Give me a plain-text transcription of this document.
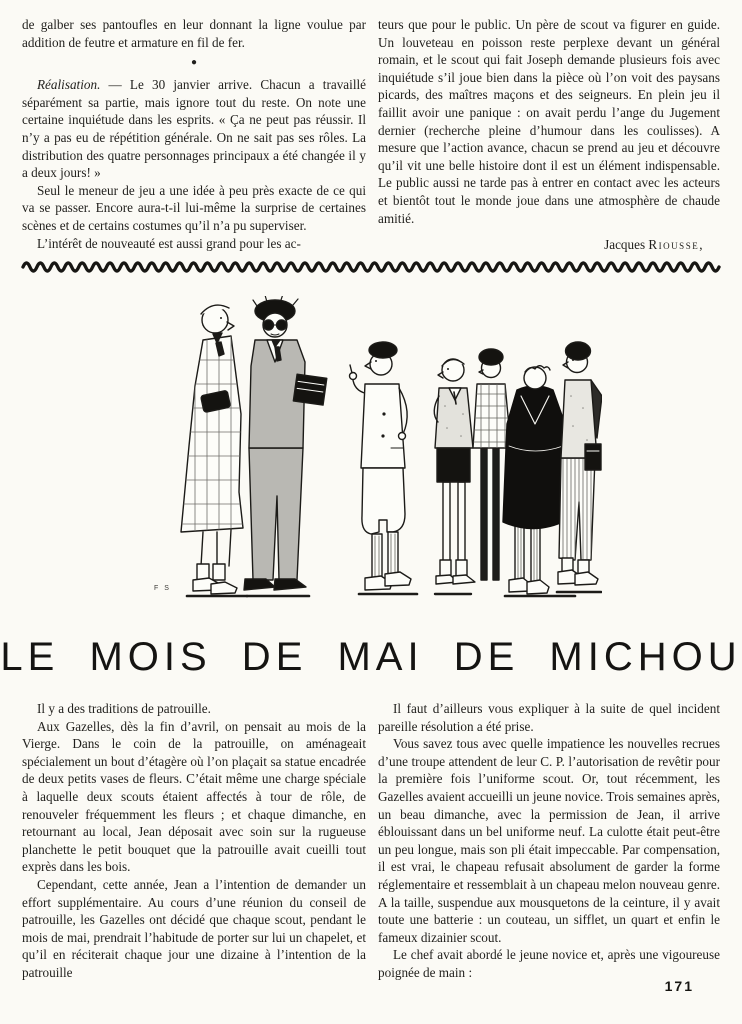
de galber ses pantoufles en leur donnant la ligne voulue par addition de feutre et armature en fil de fer.

●

Réalisation. — Le 30 janvier arrive. Chacun a travaillé séparément sa partie, mais ignore tout du reste. On note une certaine inquiétude dans les esprits. « Ça ne peut pas réussir. Il n’y a pas eu de répétition générale. On ne sait pas ses rôles. La distribution des quatre personnages principaux a été changée il y a deux jours! »

Seul le meneur de jeu a une idée à peu près exacte de ce qui va se passer. Encore aura-t-il lui-même la surprise de certaines scènes et de certains costumes qu’il n’a pu superviser.

L’intérêt de nouveauté est aussi grand pour les ac-

teurs que pour le public. Un père de scout va figurer en guide. Un louveteau en poisson reste perplexe devant un général romain, et le scout qui fait Joseph demande plusieurs fois avec inquiétude s’il joue bien dans la pièce où l’on voit des paysans picards, des maîtres maçons et des seigneurs. En plein jeu il faillit avoir une panique : on avait perdu l’ange du Jugement dernier (recherche pleine d’humour dans les coulisses). A mesure que l’action avance, chacun se prend au jeu et découvre qu’il vit une belle histoire dont il est un élément indispensable. Le public aussi ne tarde pas à entrer en contact avec les acteurs et bientôt tout le monde joue dans une atmosphère de chaude amitié.

Jacques Riousse,

F S
LE MOIS DE MAI DE MICHOU

Il y a des traditions de patrouille.

Aux Gazelles, dès la fin d’avril, on pensait au mois de la Vierge. Dans le coin de la patrouille, on aménageait spécialement un bout d’étagère où l’on plaçait sa statue encadrée de deux petits vases de fleurs. C’était même une charge spéciale à laquelle deux scouts étaient affectés à tour de rôle, de renouveler fréquemment les fleurs ; et chaque dimanche, en retournant au local, Jean déposait avec soin sur la rugueuse planchette le petit bouquet que la patrouille avait cueilli tout exprès dans les bois.

Cependant, cette année, Jean a l’intention de demander un effort supplémentaire. Au cours d’une réunion du conseil de patrouille, les Gazelles ont décidé que chaque scout, pendant le mois de mai, prendrait l’habitude de porter sur lui un chapelet, et qu’il en réciterait chaque jour une dizaine à l’intention de la patrouille

Il faut d’ailleurs vous expliquer à la suite de quel incident pareille résolution a été prise.

Vous savez tous avec quelle impatience les nouvelles recrues d’une troupe attendent de leur C. P. l’autorisation de revêtir pour la première fois l’uniforme scout. Or, tout récemment, les Gazelles avaient accueilli un jeune novice. Trois semaines après, un beau dimanche, avec la permission de Jean, il arrive éblouissant dans un bel uniforme neuf. La culotte était peut-être un peu longue, mais son pli était impeccable. Par compensation, il est vrai, le chapeau refusait absolument de garder la forme réglementaire et ressemblait à un chapeau melon nouveau genre. A la taille, suspendue aux mousquetons de la ceinture, il y avait toute une batterie : un couteau, un sifflet, un quart et enfin le fameux dizainier scout.

Le chef avait abordé le jeune novice et, après une vigoureuse poignée de main :

171
